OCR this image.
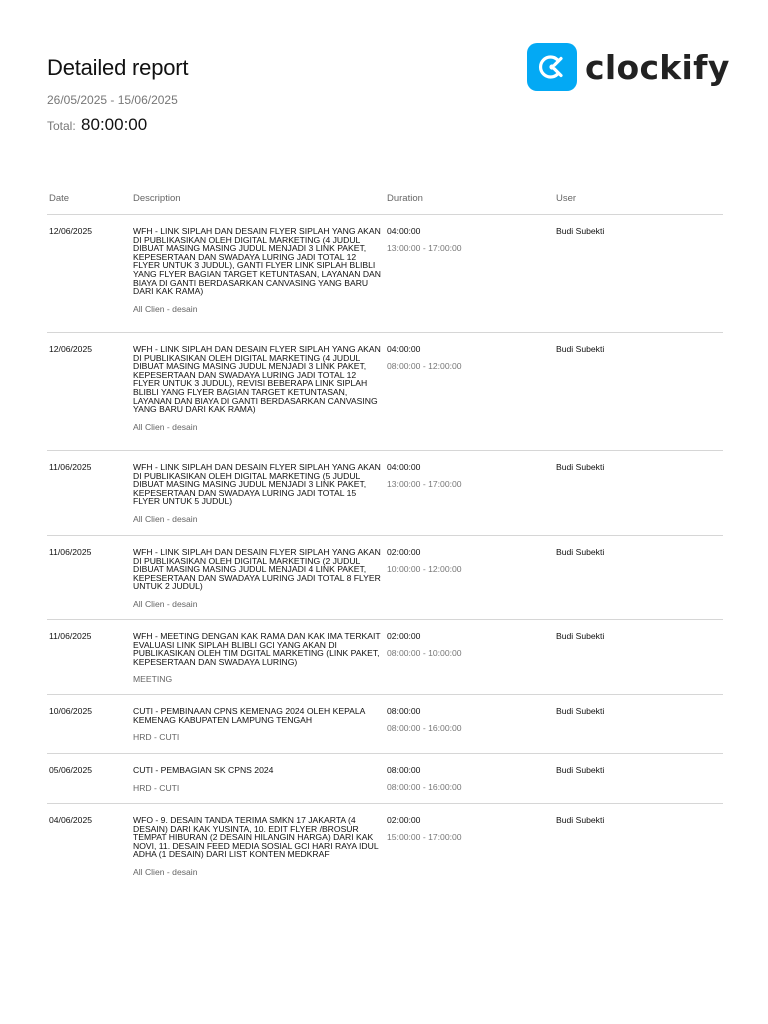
Detailed report
26/05/2025 - 15/06/2025
Total: 80:00:00
clockify
Date	Description	Duration	User
12/06/2025	WFH - LINK SIPLAH DAN DESAIN FLYER SIPLAH YANG AKAN DI PUBLIKASIKAN OLEH DIGITAL MARKETING (4 JUDUL DIBUAT MASING MASING JUDUL MENJADI 3 LINK PAKET, KEPESERTAAN DAN SWADAYA LURING JADI TOTAL 12 FLYER UNTUK 3 JUDUL), GANTI FLYER LINK SIPLAH BLIBLI YANG FLYER BAGIAN TARGET KETUNTASAN, LAYANAN DAN BIAYA DI GANTI BERDASARKAN CANVASING YANG BARU DARI KAK RAMA)
All Clien - desain
04:00:00
13:00:00 - 17:00:00
Budi Subekti
12/06/2025	WFH - LINK SIPLAH DAN DESAIN FLYER SIPLAH YANG AKAN DI PUBLIKASIKAN OLEH DIGITAL MARKETING (4 JUDUL DIBUAT MASING MASING JUDUL MENJADI 3 LINK PAKET, KEPESERTAAN DAN SWADAYA LURING JADI TOTAL 12 FLYER UNTUK 3 JUDUL), REVISI BEBERAPA LINK SIPLAH BLIBLI YANG FLYER BAGIAN TARGET KETUNTASAN, LAYANAN DAN BIAYA DI GANTI BERDASARKAN CANVASING YANG BARU DARI KAK RAMA)
All Clien - desain
04:00:00
08:00:00 - 12:00:00
Budi Subekti
11/06/2025	WFH - LINK SIPLAH DAN DESAIN FLYER SIPLAH YANG AKAN DI PUBLIKASIKAN OLEH DIGITAL MARKETING (5 JUDUL DIBUAT MASING MASING JUDUL MENJADI 3 LINK PAKET, KEPESERTAAN DAN SWADAYA LURING JADI TOTAL 15 FLYER UNTUK 5 JUDUL)
All Clien - desain
04:00:00
13:00:00 - 17:00:00
Budi Subekti
11/06/2025	WFH - LINK SIPLAH DAN DESAIN FLYER SIPLAH YANG AKAN DI PUBLIKASIKAN OLEH DIGITAL MARKETING (2 JUDUL DIBUAT MASING MASING JUDUL MENJADI 4 LINK PAKET, KEPESERTAAN DAN SWADAYA LURING JADI TOTAL 8 FLYER UNTUK 2 JUDUL)
All Clien - desain
02:00:00
10:00:00 - 12:00:00
Budi Subekti
11/06/2025	WFH - MEETING DENGAN KAK RAMA DAN KAK IMA TERKAIT EVALUASI LINK SIPLAH BLIBLI GCI YANG AKAN DI PUBLIKASIKAN OLEH TIM DGITAL MARKETING (LINK PAKET, KEPESERTAAN DAN SWADAYA LURING)
MEETING
02:00:00
08:00:00 - 10:00:00
Budi Subekti
10/06/2025	CUTI - PEMBINAAN CPNS KEMENAG 2024 OLEH KEPALA KEMENAG KABUPATEN LAMPUNG TENGAH
HRD - CUTI
08:00:00
08:00:00 - 16:00:00
Budi Subekti
05/06/2025	CUTI - PEMBAGIAN SK CPNS 2024
HRD - CUTI
08:00:00
08:00:00 - 16:00:00
Budi Subekti
04/06/2025	WFO - 9. DESAIN TANDA TERIMA SMKN 17 JAKARTA (4 DESAIN) DARI KAK YUSINTA, 10. EDIT FLYER /BROSUR TEMPAT HIBURAN (2 DESAIN HILANGIN HARGA) DARI KAK NOVI, 11. DESAIN FEED MEDIA SOSIAL GCI HARI RAYA IDUL ADHA (1 DESAIN) DARI LIST KONTEN MEDKRAF
All Clien - desain
02:00:00
15:00:00 - 17:00:00
Budi Subekti
